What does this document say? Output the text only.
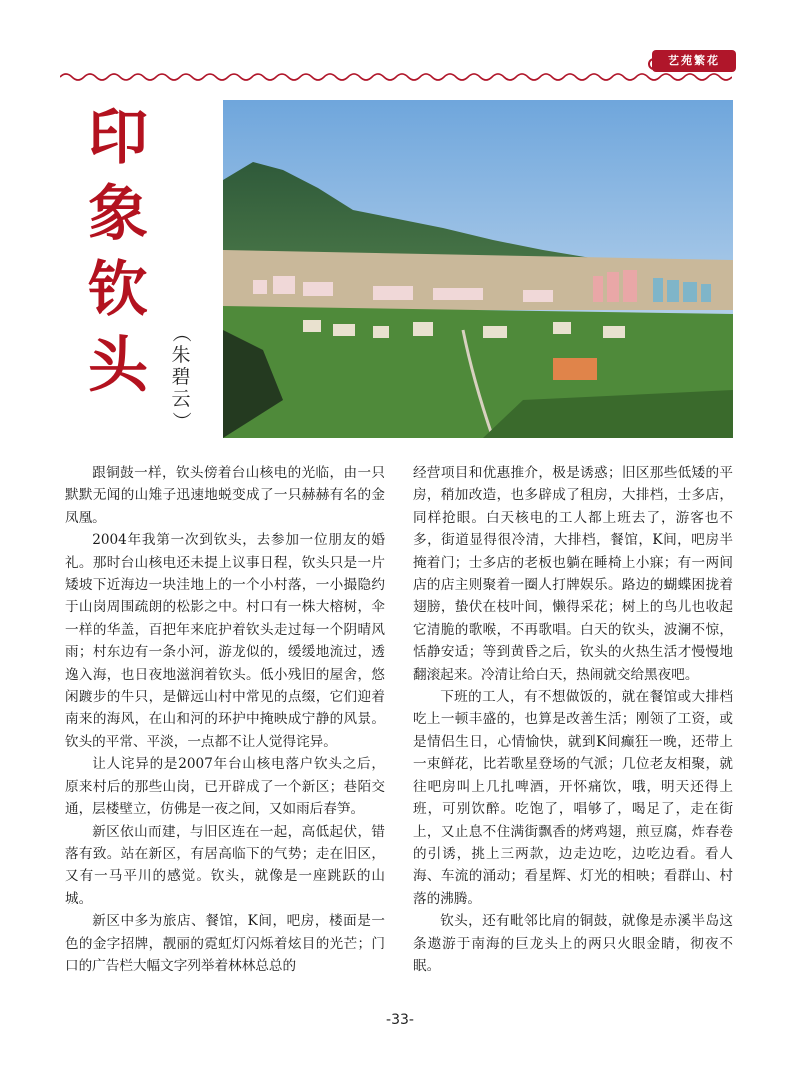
艺苑繁花
印
象
钦
头	（
朱
碧
云
）

跟铜鼓一样，钦头傍着台山核电的光临，由一只默默无闻的山雉子迅速地蜕变成了一只赫赫有名的金凤凰。

2004年我第一次到钦头，去参加一位朋友的婚礼。那时台山核电还未提上议事日程，钦头只是一片矮坡下近海边一块洼地上的一个小村落，一小撮隐约于山岗周围疏朗的松影之中。村口有一株大榕树，伞一样的华盖，百把年来庇护着钦头走过每一个阴晴风雨；村东边有一条小河，游龙似的，缓缓地流过，透逸入海，也日夜地滋润着钦头。低小残旧的屋舍，悠闲踱步的牛只，是僻远山村中常见的点缀，它们迎着南来的海风，在山和河的环护中掩映成宁静的风景。钦头的平常、平淡，一点都不让人觉得诧异。

让人诧异的是2007年台山核电落户钦头之后，原来村后的那些山岗，已开辟成了一个新区；巷陌交通，层楼壁立，仿佛是一夜之间，又如雨后春笋。

新区依山而建，与旧区连在一起，高低起伏，错落有致。站在新区，有居高临下的气势；走在旧区，又有一马平川的感觉。钦头，就像是一座跳跃的山城。

新区中多为旅店、餐馆，K间，吧房，楼面是一色的金字招牌，靓丽的霓虹灯闪烁着炫目的光芒；门口的广告栏大幅文字列举着林林总总的

经营项目和优惠推介，极是诱惑；旧区那些低矮的平房，稍加改造，也多辟成了租房，大排档，士多店，同样抢眼。白天核电的工人都上班去了，游客也不多，街道显得很冷清，大排档，餐馆，K间，吧房半掩着门；士多店的老板也躺在睡椅上小寐；有一两间店的店主则聚着一圈人打牌娱乐。路边的蝴蝶困拢着翅膀，蛰伏在枝叶间，懒得采花；树上的鸟儿也收起它清脆的歌喉，不再歌唱。白天的钦头，波澜不惊，恬静安适；等到黄昏之后，钦头的火热生活才慢慢地翻滚起来。冷清让给白天，热闹就交给黑夜吧。

下班的工人，有不想做饭的，就在餐馆或大排档吃上一顿丰盛的，也算是改善生活；刚领了工资，或是情侣生日，心情愉快，就到K间癫狂一晚，还带上一束鲜花，比若歌星登场的气派；几位老友相聚，就往吧房叫上几扎啤酒，开怀痛饮，哦，明天还得上班，可别饮醉。吃饱了，唱够了，喝足了，走在街上，又止息不住满街飘香的烤鸡翅，煎豆腐，炸春卷的引诱，挑上三两款，边走边吃，边吃边看。看人海、车流的涌动；看星辉、灯光的相映；看群山、村落的沸腾。

钦头，还有毗邻比肩的铜鼓，就像是赤溪半岛这条遨游于南海的巨龙头上的两只火眼金睛，彻夜不眠。

-33-
